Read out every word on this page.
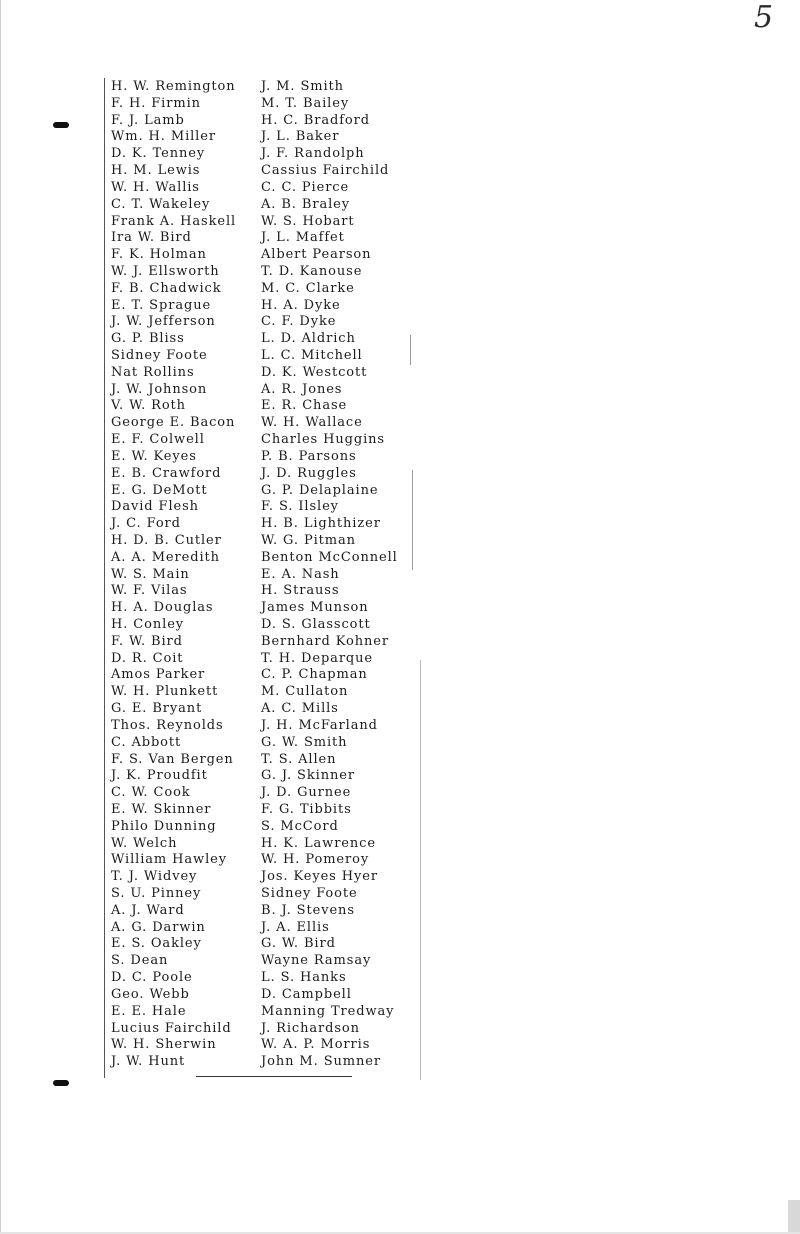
5
H. W. Remington
F. H. Firmin
F. J. Lamb
Wm. H. Miller
D. K. Tenney
H. M. Lewis
W. H. Wallis
C. T. Wakeley
Frank A. Haskell
Ira W. Bird
F. K. Holman
W. J. Ellsworth
F. B. Chadwick
E. T. Sprague
J. W. Jefferson
G. P. Bliss
Sidney Foote
Nat Rollins
J. W. Johnson
V. W. Roth
George E. Bacon
E. F. Colwell
E. W. Keyes
E. B. Crawford
E. G. DeMott
David Flesh
J. C. Ford
H. D. B. Cutler
A. A. Meredith
W. S. Main
W. F. Vilas
H. A. Douglas
H. Conley
F. W. Bird
D. R. Coit
Amos Parker
W. H. Plunkett
G. E. Bryant
Thos. Reynolds
C. Abbott
F. S. Van Bergen
J. K. Proudfit
C. W. Cook
E. W. Skinner
Philo Dunning
W. Welch
William Hawley
T. J. Widvey
S. U. Pinney
A. J. Ward
A. G. Darwin
E. S. Oakley
S. Dean
D. C. Poole
Geo. Webb
E. E. Hale
Lucius Fairchild
W. H. Sherwin
J. W. Hunt
J. M. Smith
M. T. Bailey
H. C. Bradford
J. L. Baker
J. F. Randolph
Cassius Fairchild
C. C. Pierce
A. B. Braley
W. S. Hobart
J. L. Maffet
Albert Pearson
T. D. Kanouse
M. C. Clarke
H. A. Dyke
C. F. Dyke
L. D. Aldrich
L. C. Mitchell
D. K. Westcott
A. R. Jones
E. R. Chase
W. H. Wallace
Charles Huggins
P. B. Parsons
J. D. Ruggles
G. P. Delaplaine
F. S. Ilsley
H. B. Lighthizer
W. G. Pitman
Benton McConnell
E. A. Nash
H. Strauss
James Munson
D. S. Glasscott
Bernhard Kohner
T. H. Deparque
C. P. Chapman
M. Cullaton
A. C. Mills
J. H. McFarland
G. W. Smith
T. S. Allen
G. J. Skinner
J. D. Gurnee
F. G. Tibbits
S. McCord
H. K. Lawrence
W. H. Pomeroy
Jos. Keyes Hyer
Sidney Foote
B. J. Stevens
J. A. Ellis
G. W. Bird
Wayne Ramsay
L. S. Hanks
D. Campbell
Manning Tredway
J. Richardson
W. A. P. Morris
John M. Sumner
